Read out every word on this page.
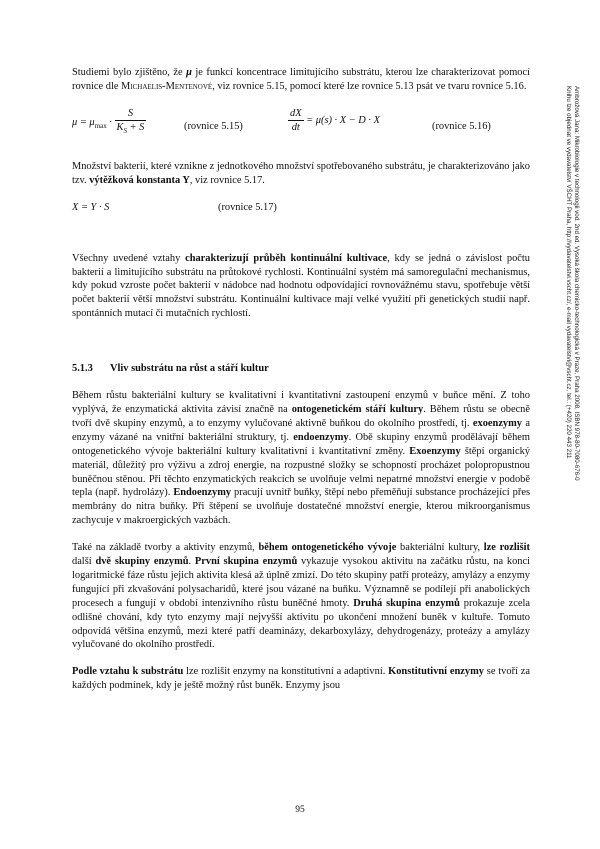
Ambrožová Jana: Mikrobiologie v technologii vod. 2nd ed. Vysoká škola chemicko-technologická v Praze, Praha 2008, ISBN 978-80-7080-676-0
Knihu lze objednat ve vydavatelství VŠCHT Praha, http://vydavatelstvi.vscht.cz/, e-mail vydavatelstvi@vscht.cz, tel.: (+420) 220 443 211

Studiemi bylo zjištěno, že μ je funkcí koncentrace limitujícího substrátu, kterou lze charakterizovat pomocí rovnice dle Michaelis-Mentenové, viz rovnice 5.15, pomocí které lze rovnice 5.13 psát ve tvaru rovnice 5.16.

$\mu = \mu_{max} \cdot \frac{S}{K_S + S}$	(rovnice 5.15)	$\frac{dX}{dt} = \mu(s) \cdot X - D \cdot X$
(rovnice 5.16)

Množství bakterií, které vznikne z jednotkového množství spotřebovaného substrátu, je charakterizováno jako tzv. výtěžková konstanta Y, viz rovnice 5.17.

X = Y · S	(rovnice 5.17)

Všechny uvedené vztahy charakterizují průběh kontinuální kultivace, kdy se jedná o závislost počtu bakterií a limitujícího substrátu na průtokové rychlosti. Kontinuální systém má samoregulační mechanismus, kdy pokud vzroste počet bakterií v nádobce nad hodnotu odpovídající rovnovážnému stavu, spotřebuje větší počet bakterií větší množství substrátu. Kontinuální kultivace mají velké využití při genetických studií např. spontánních mutací či mutačních rychlostí.

5.1.3 Vliv substrátu na růst a stáří kultur

Během růstu bakteriální kultury se kvalitativní i kvantitativní zastoupení enzymů v buňce mění. Z toho vyplývá, že enzymatická aktivita závisí značně na ontogenetickém stáří kultury. Během růstu se obecně tvoří dvě skupiny enzymů, a to enzymy vylučované aktivně buňkou do okolního prostředí, tj. exoenzymy a enzymy vázané na vnitřní bakteriální struktury, tj. endoenzymy. Obě skupiny enzymů prodělávají během ontogenetického vývoje bakteriální kultury kvalitativní i kvantitativní změny. Exoenzymy štěpí organický materiál, důležitý pro výživu a zdroj energie, na rozpustné složky se schopností procházet polopropustnou buněčnou stěnou. Při těchto enzymatických reakcích se uvolňuje velmi nepatrné množství energie v podobě tepla (např. hydrolázy). Endoenzymy pracují uvnitř buňky, štěpí nebo přeměňují substance procházející přes membrány do nitra buňky. Při štěpení se uvolňuje dostatečné množství energie, kterou mikroorganismus zachycuje v makroergických vazbách.

Také na základě tvorby a aktivity enzymů, během ontogenetického vývoje bakteriální kultury, lze rozlišit další dvě skupiny enzymů. První skupina enzymů vykazuje vysokou aktivitu na začátku růstu, na konci logaritmické fáze růstu jejich aktivita klesá až úplně zmizí. Do této skupiny patří proteázy, amylázy a enzymy fungující při zkvašování polysacharidů, které jsou vázané na buňku. Významně se podílejí při anabolických procesech a fungují v období intenzivního růstu buněčné hmoty. Druhá skupina enzymů prokazuje zcela odlišné chování, kdy tyto enzymy mají nejvyšší aktivitu po ukončení množení buněk v kultuře. Tomuto odpovídá většina enzymů, mezi které patří deaminázy, dekarboxylázy, dehydrogenázy, proteázy a amylázy vylučované do okolního prostředí.

Podle vztahu k substrátu lze rozlišit enzymy na konstitutivní a adaptivní. Konstitutivní enzymy se tvoří za každých podmínek, kdy je ještě možný růst buněk. Enzymy jsou

95
